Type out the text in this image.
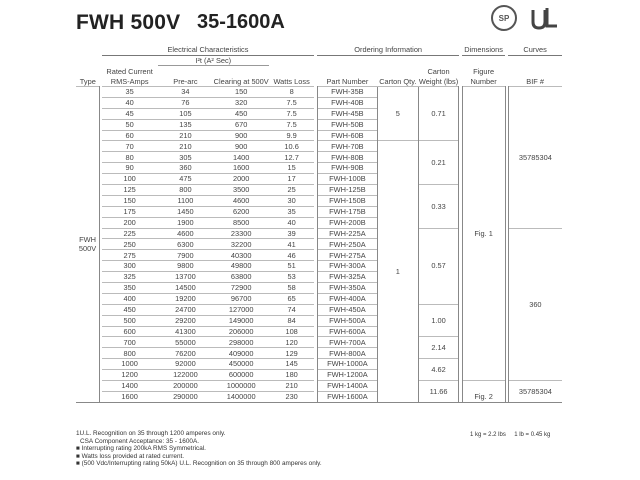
FWH 500V 35-1600A	SP
Type		Electrical Characteristics					Ordering Information				Dimensions		Curves
		Rated Current RMS-Amps	I²t (A² Sec)		Watts Loss		Part Number	Carton Qty.	Carton Weight (lbs)		Figure Number		BIF #
			Pre-arc	Clearing at 500V									

FWH
500V		35	34	150	8		FWH-35B	5	0.71		Fig. 1		35785304
		40	76	320	7.5		FWH-40B						
		45	105	450	7.5		FWH-45B						
		50	135	670	7.5		FWH-50B						
		60	210	900	9.9		FWH-60B						
		70	210	900	10.6		FWH-70B	1	0.21				
		80	305	1400	12.7		FWH-80B						
		90	360	1600	15		FWH-90B						
		100	475	2000	17		FWH-100B						
		125	800	3500	25		FWH-125B		0.33				
		150	1100	4600	30		FWH-150B						
		175	1450	6200	35		FWH-175B						
		200	1900	8500	40		FWH-200B						
		225	4600	23300	39		FWH-225A		0.57				360
		250	6300	32200	41		FWH-250A						
		275	7900	40300	46		FWH-275A						
		300	9800	49800	51		FWH-300A						
		325	13700	63800	53		FWH-325A						
		350	14500	72900	58		FWH-350A						
		400	19200	96700	65		FWH-400A						
		450	24700	127000	74		FWH-450A		1.00				
		500	29200	149000	84		FWH-500A						
		600	41300	206000	108		FWH-600A						
		700	55000	298000	120		FWH-700A		2.14				
		800	76200	409000	129		FWH-800A						
		1000	92000	450000	145		FWH-1000A		4.62				
		1200	122000	600000	180		FWH-1200A						
		1400	200000	1000000	210		FWH-1400A		11.66		Fig. 2		35785304
		1600	290000	1400000	230		FWH-1600A						

1U.L. Recognition on 35 through 1200 amperes only.
CSA Component Acceptance: 35 - 1600A.
■ Interrupting rating 200kA RMS Symmetrical.
■ Watts loss provided at rated current.
■ (500 Vdc/Interrupting rating 50kA) U.L. Recognition on 35 through 800 amperes only.
1 kg = 2.2 lbs 1 lb = 0.45 kg
